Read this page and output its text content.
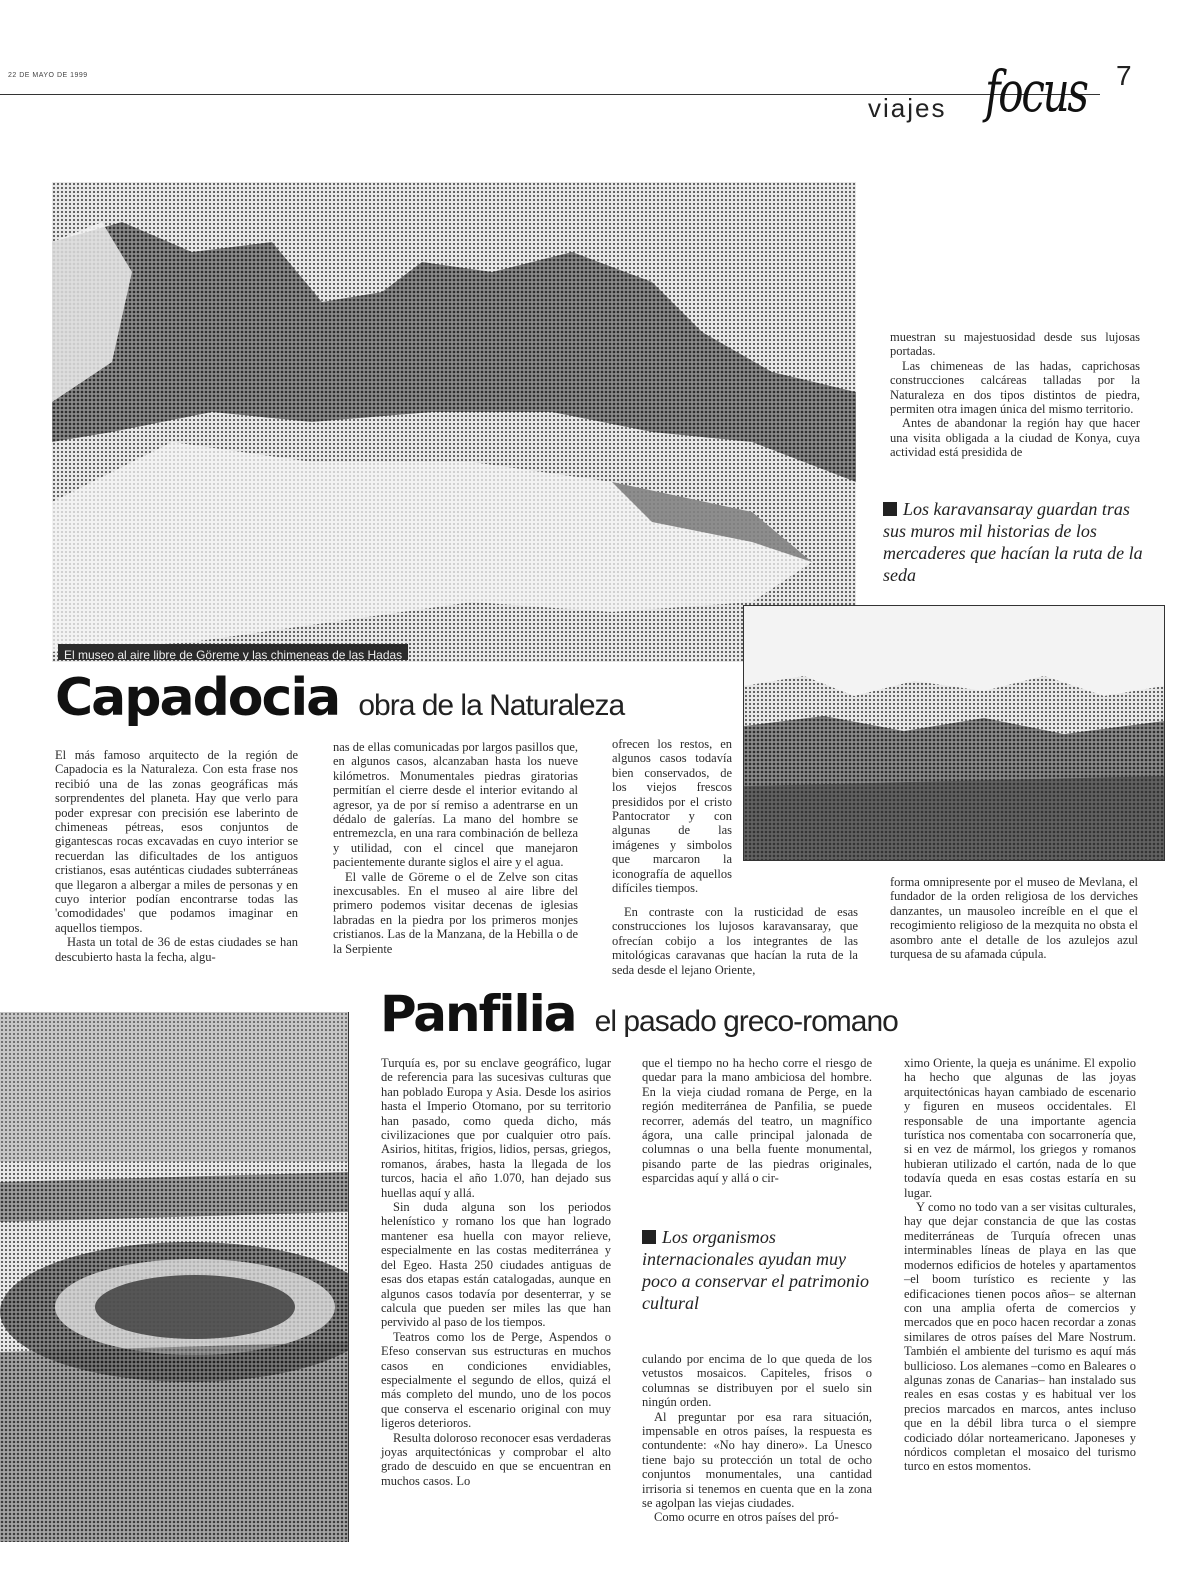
22 DE MAYO DE 1999
viajes focus 7
El museo al aire libre de Göreme y las chimeneas de las Hadas

muestran su majestuosidad desde sus lujosas portadas.

Las chimeneas de las hadas, caprichosas construcciones calcáreas talladas por la Naturaleza en dos tipos distintos de piedra, permiten otra imagen única del mismo territorio.

Antes de abandonar la región hay que hacer una visita obligada a la ciudad de Konya, cuya actividad está presidida de

Los karavansaray guardan tras sus muros mil historias de los mercaderes que hacían la ruta de la seda

Capadocia obra de la Naturaleza

El más famoso arquitecto de la región de Capadocia es la Naturaleza. Con esta frase nos recibió una de las zonas geográficas más sorprendentes del planeta. Hay que verlo para poder expresar con precisión ese laberinto de chimeneas pétreas, esos conjuntos de gigantescas rocas excavadas en cuyo interior se recuerdan las dificultades de los antiguos cristianos, esas auténticas ciudades subterráneas que llegaron a albergar a miles de personas y en cuyo interior podían encontrarse todas las 'comodidades' que podamos imaginar en aquellos tiempos.

Hasta un total de 36 de estas ciudades se han descubierto hasta la fecha, algu-

nas de ellas comunicadas por largos pasillos que, en algunos casos, alcanzaban hasta los nueve kilómetros. Monumentales piedras giratorias permitían el cierre desde el interior evitando al agresor, ya de por sí remiso a adentrarse en un dédalo de galerías. La mano del hombre se entremezcla, en una rara combinación de belleza y utilidad, con el cincel que manejaron pacientemente durante siglos el aire y el agua.

El valle de Göreme o el de Zelve son citas inexcusables. En el museo al aire libre del primero podemos visitar decenas de iglesias labradas en la piedra por los primeros monjes cristianos. Las de la Manzana, de la Hebilla o de la Serpiente

ofrecen los restos, en algunos casos todavía bien conservados, de los viejos frescos presididos por el cristo Pantocrator y con algunas de las imágenes y simbolos que marcaron la iconografía de aquellos difíciles tiempos.

En contraste con la rusticidad de esas construcciones los lujosos karavansaray, que ofrecían cobijo a los integrantes de las mitológicas caravanas que hacían la ruta de la seda desde el lejano Oriente,

forma omnipresente por el museo de Mevlana, el fundador de la orden religiosa de los derviches danzantes, un mausoleo increíble en el que el recogimiento religioso de la mezquita no obsta el asombro ante el detalle de los azulejos azul turquesa de su afamada cúpula.

Panfilia el pasado greco-romano

Turquía es, por su enclave geográfico, lugar de referencia para las sucesivas culturas que han poblado Europa y Asia. Desde los asirios hasta el Imperio Otomano, por su territorio han pasado, como queda dicho, más civilizaciones que por cualquier otro país. Asirios, hititas, frigios, lidios, persas, griegos, romanos, árabes, hasta la llegada de los turcos, hacia el año 1.070, han dejado sus huellas aquí y allá.

Sin duda alguna son los periodos helenístico y romano los que han logrado mantener esa huella con mayor relieve, especialmente en las costas mediterránea y del Egeo. Hasta 250 ciudades antiguas de esas dos etapas están catalogadas, aunque en algunos casos todavía por desenterrar, y se calcula que pueden ser miles las que han pervivido al paso de los tiempos.

Teatros como los de Perge, Aspendos o Efeso conservan sus estructuras en muchos casos en condiciones envidiables, especialmente el segundo de ellos, quizá el más completo del mundo, uno de los pocos que conserva el escenario original con muy ligeros deterioros.

Resulta doloroso reconocer esas verdaderas joyas arquitectónicas y comprobar el alto grado de descuido en que se encuentran en muchos casos. Lo

que el tiempo no ha hecho corre el riesgo de quedar para la mano ambiciosa del hombre. En la vieja ciudad romana de Perge, en la región mediterránea de Panfilia, se puede recorrer, además del teatro, un magnífico ágora, una calle principal jalonada de columnas o una bella fuente monumental, pisando parte de las piedras originales, esparcidas aquí y allá o cir-

Los organismos internacionales ayudan muy poco a conservar el patrimonio cultural

culando por encima de lo que queda de los vetustos mosaicos. Capiteles, frisos o columnas se distribuyen por el suelo sin ningún orden.

Al preguntar por esa rara situación, impensable en otros países, la respuesta es contundente: «No hay dinero». La Unesco tiene bajo su protección un total de ocho conjuntos monumentales, una cantidad irrisoria si tenemos en cuenta que en la zona se agolpan las viejas ciudades.

Como ocurre en otros países del pró-

ximo Oriente, la queja es unánime. El expolio ha hecho que algunas de las joyas arquitectónicas hayan cambiado de escenario y figuren en museos occidentales. El responsable de una importante agencia turística nos comentaba con socarronería que, si en vez de mármol, los griegos y romanos hubieran utilizado el cartón, nada de lo que todavía queda en esas costas estaría en su lugar.

Y como no todo van a ser visitas culturales, hay que dejar constancia de que las costas mediterráneas de Turquía ofrecen unas interminables líneas de playa en las que modernos edificios de hoteles y apartamentos –el boom turístico es reciente y las edificaciones tienen pocos años– se alternan con una amplia oferta de comercios y mercados que en poco hacen recordar a zonas similares de otros países del Mare Nostrum. También el ambiente del turismo es aquí más bullicioso. Los alemanes –como en Baleares o algunas zonas de Canarias– han instalado sus reales en esas costas y es habitual ver los precios marcados en marcos, antes incluso que en la débil libra turca o el siempre codiciado dólar norteamericano. Japoneses y nórdicos completan el mosaico del turismo turco en estos momentos.
